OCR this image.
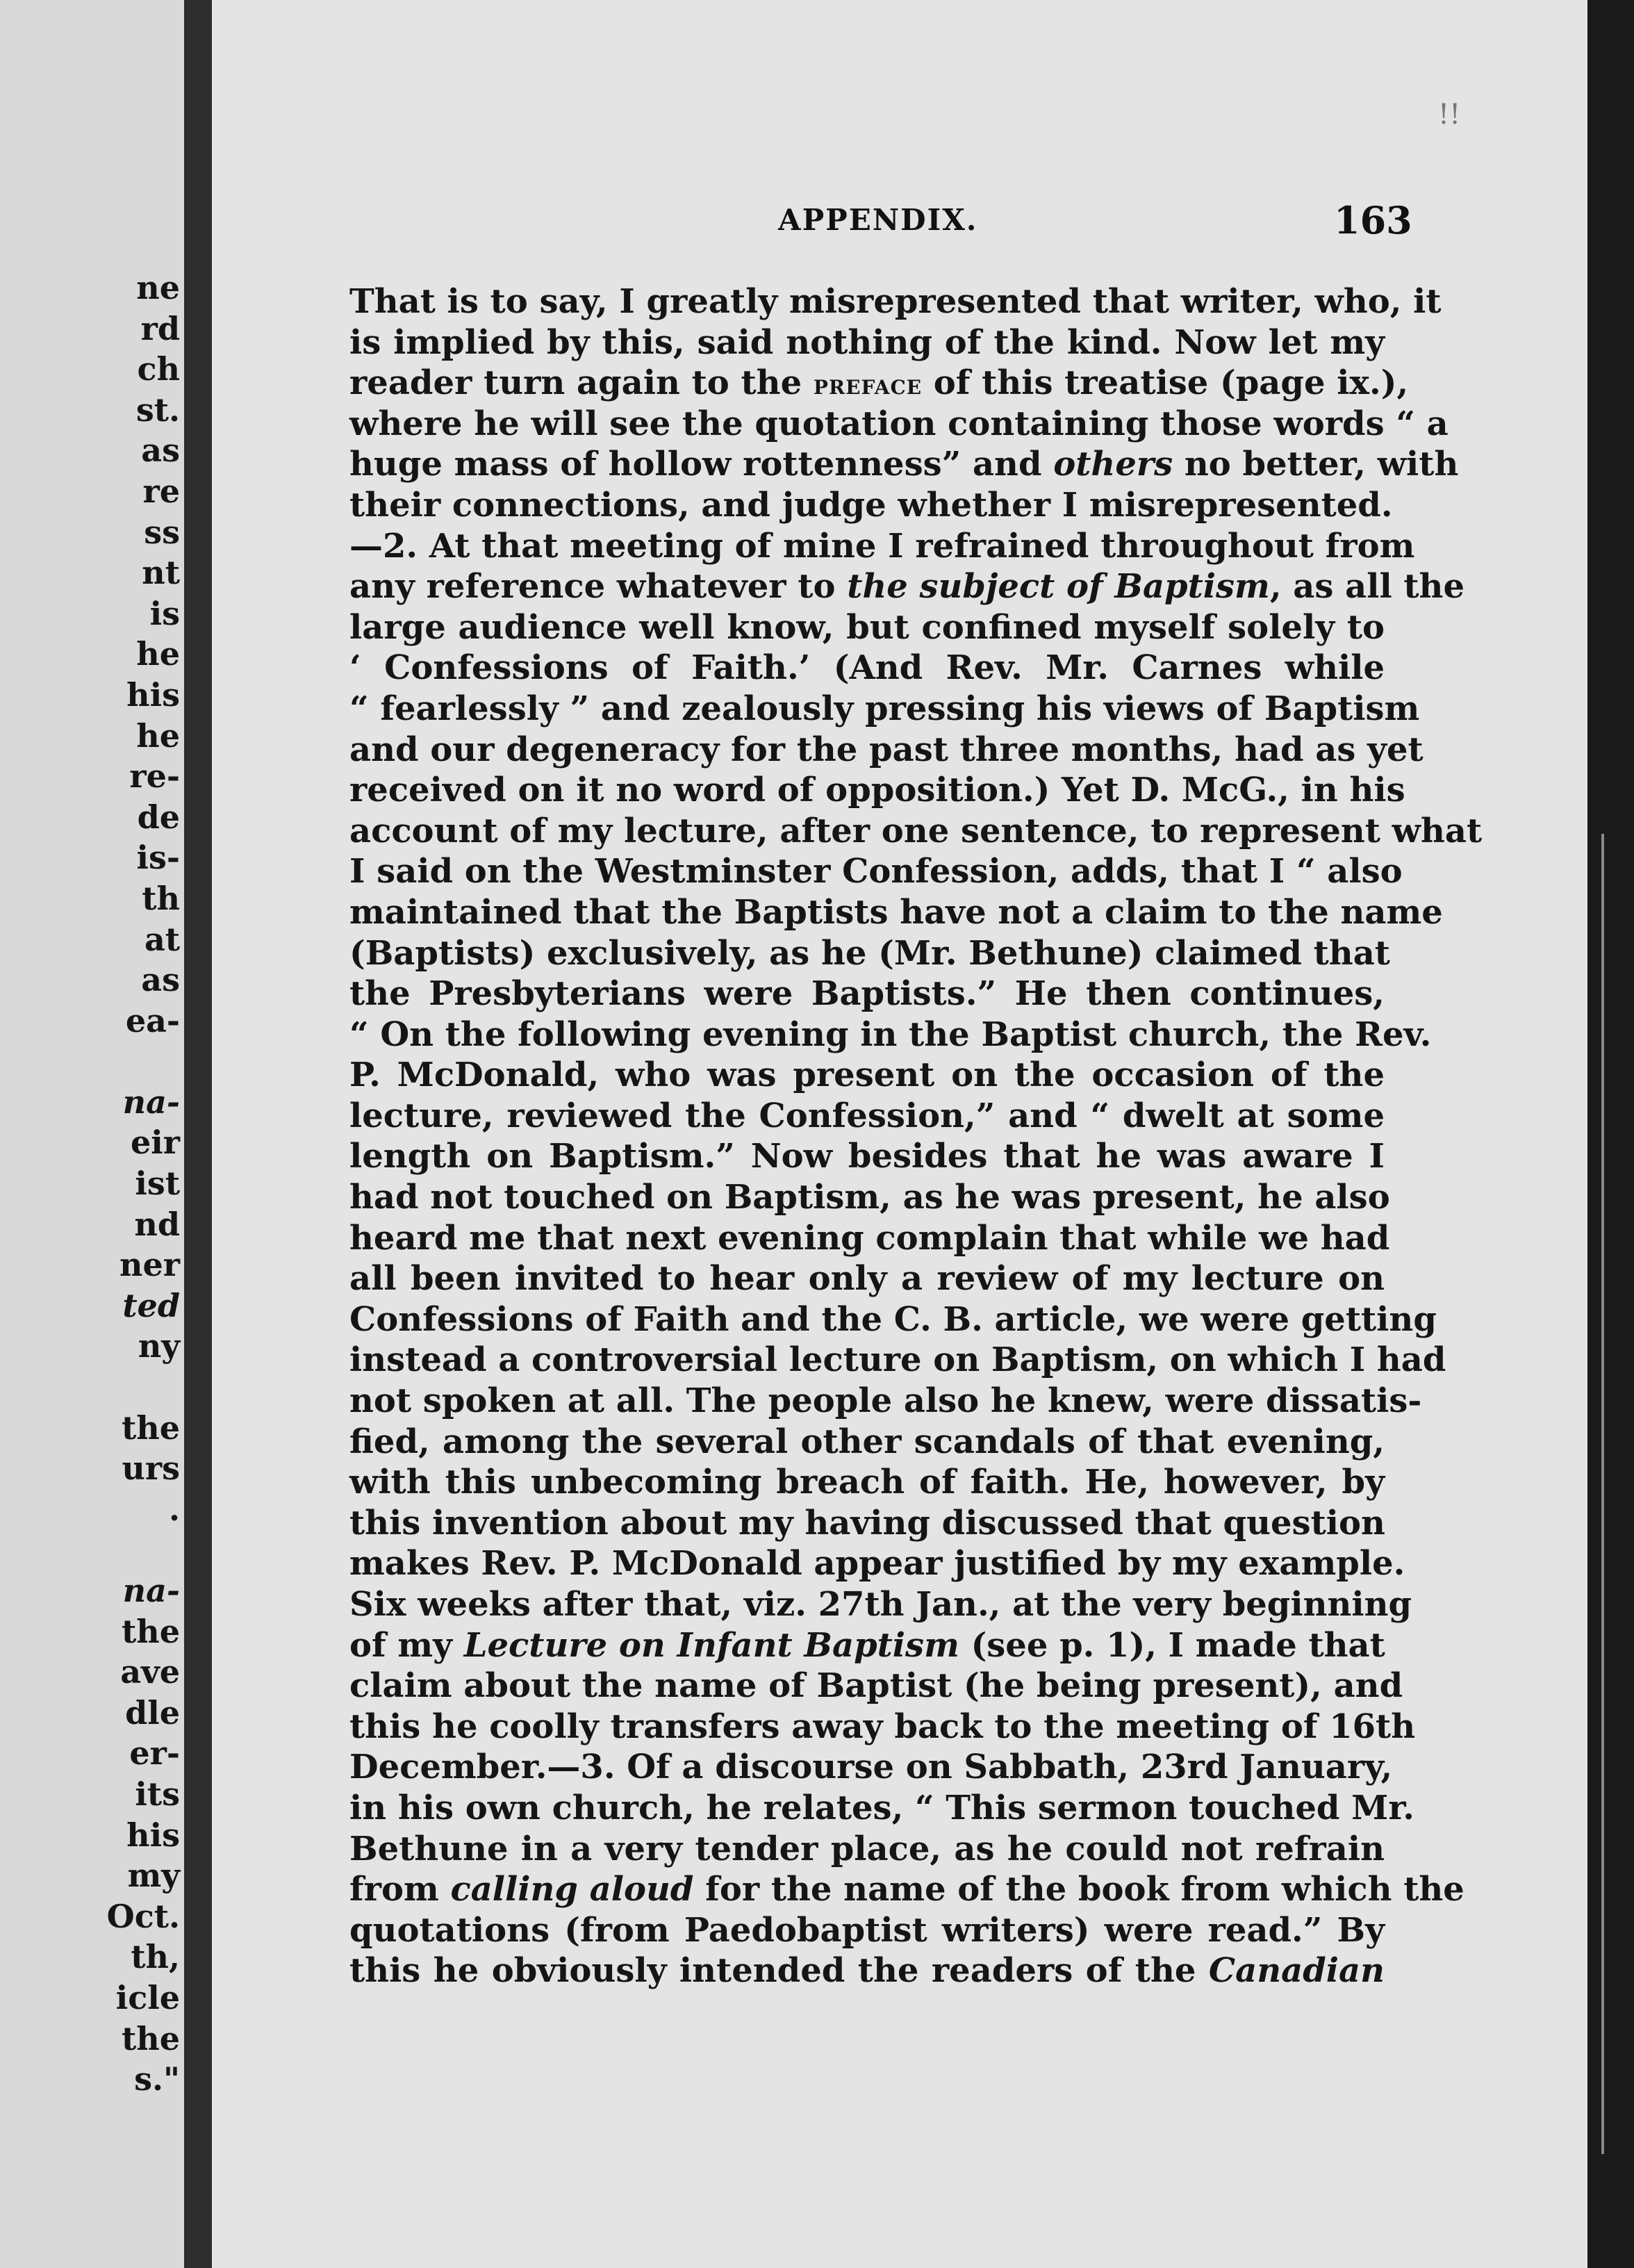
ne
rd
ch
st.
as
re
ss
nt
is
he
his
he
re-
de
is-
th
at
as
ea-
na-
eir
ist
nd
ner
ted
ny
the
urs
.
na-
the
ave
dle
er-
its
his
my
Oct.
th,
icle
the
s."
!!
APPENDIX.	163
That is to say, I greatly misrepresented that writer, who, it
is implied by this, said nothing of the kind. Now let my
reader turn again to the preface of this treatise (page ix.),
where he will see the quotation containing those words “ a
huge mass of hollow rottenness” and others no better, with
their connections, and judge whether I misrepresented.
—2. At that meeting of mine I refrained throughout from
any reference whatever to the subject of Baptism, as all the
large audience well know, but confined myself solely to
‘ Confessions of Faith.’ (And Rev. Mr. Carnes while
“ fearlessly ” and zealously pressing his views of Baptism
and our degeneracy for the past three months, had as yet
received on it no word of opposition.) Yet D. McG., in his
account of my lecture, after one sentence, to represent what
I said on the Westminster Confession, adds, that I “ also
maintained that the Baptists have not a claim to the name
(Baptists) exclusively, as he (Mr. Bethune) claimed that
the Presbyterians were Baptists.” He then continues,
“ On the following evening in the Baptist church, the Rev.
P. McDonald, who was present on the occasion of the
lecture, reviewed the Confession,” and “ dwelt at some
length on Baptism.” Now besides that he was aware I
had not touched on Baptism, as he was present, he also
heard me that next evening complain that while we had
all been invited to hear only a review of my lecture on
Confessions of Faith and the C. B. article, we were getting
instead a controversial lecture on Baptism, on which I had
not spoken at all. The people also he knew, were dissatis-
fied, among the several other scandals of that evening,
with this unbecoming breach of faith. He, however, by
this invention about my having discussed that question
makes Rev. P. McDonald appear justified by my example.
Six weeks after that, viz. 27th Jan., at the very beginning
of my Lecture on Infant Baptism (see p. 1), I made that
claim about the name of Baptist (he being present), and
this he coolly transfers away back to the meeting of 16th
December.—3. Of a discourse on Sabbath, 23rd January,
in his own church, he relates, “ This sermon touched Mr.
Bethune in a very tender place, as he could not refrain
from calling aloud for the name of the book from which the
quotations (from Paedobaptist writers) were read.” By
this he obviously intended the readers of the Canadian
